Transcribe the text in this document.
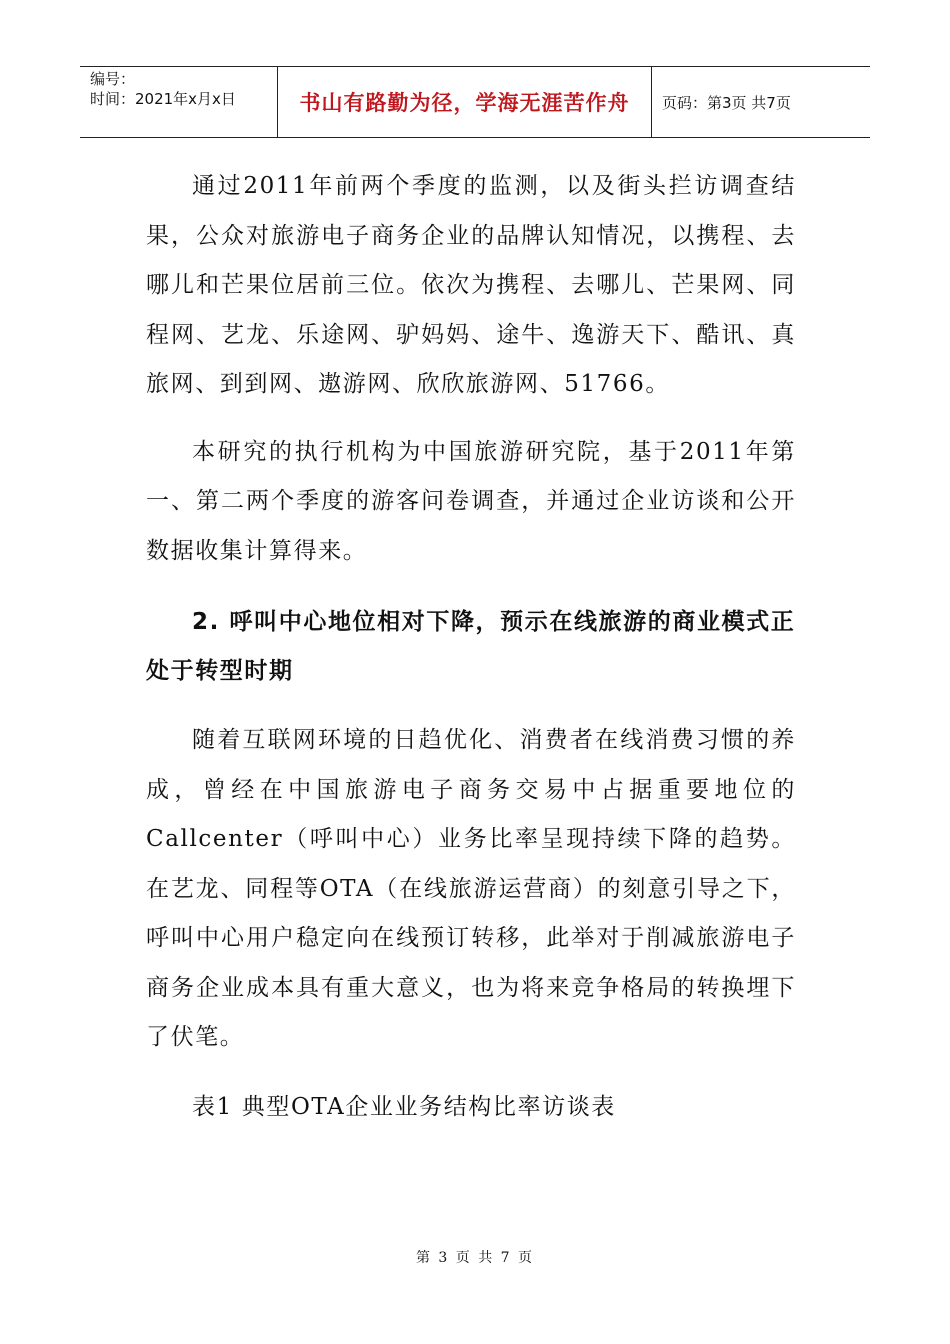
编号：
时间：2021年x月x日	书山有路勤为径，学海无涯苦作舟 页码：第3页 共7页

通过2011年前两个季度的监测，以及街头拦访调查结果，公众对旅游电子商务企业的品牌认知情况，以携程、去哪儿和芒果位居前三位。依次为携程、去哪儿、芒果网、同程网、艺龙、乐途网、驴妈妈、途牛、逸游天下、酷讯、真旅网、到到网、遨游网、欣欣旅游网、51766。

本研究的执行机构为中国旅游研究院，基于2011年第一、第二两个季度的游客问卷调查，并通过企业访谈和公开数据收集计算得来。

2. 呼叫中心地位相对下降，预示在线旅游的商业模式正处于转型时期

随着互联网环境的日趋优化、消费者在线消费习惯的养成，曾经在中国旅游电子商务交易中占据重要地位的Callcenter（呼叫中心）业务比率呈现持续下降的趋势。在艺龙、同程等OTA（在线旅游运营商）的刻意引导之下，呼叫中心用户稳定向在线预订转移，此举对于削减旅游电子商务企业成本具有重大意义，也为将来竞争格局的转换埋下了伏笔。

表1 典型OTA企业业务结构比率访谈表

第 3 页 共 7 页
